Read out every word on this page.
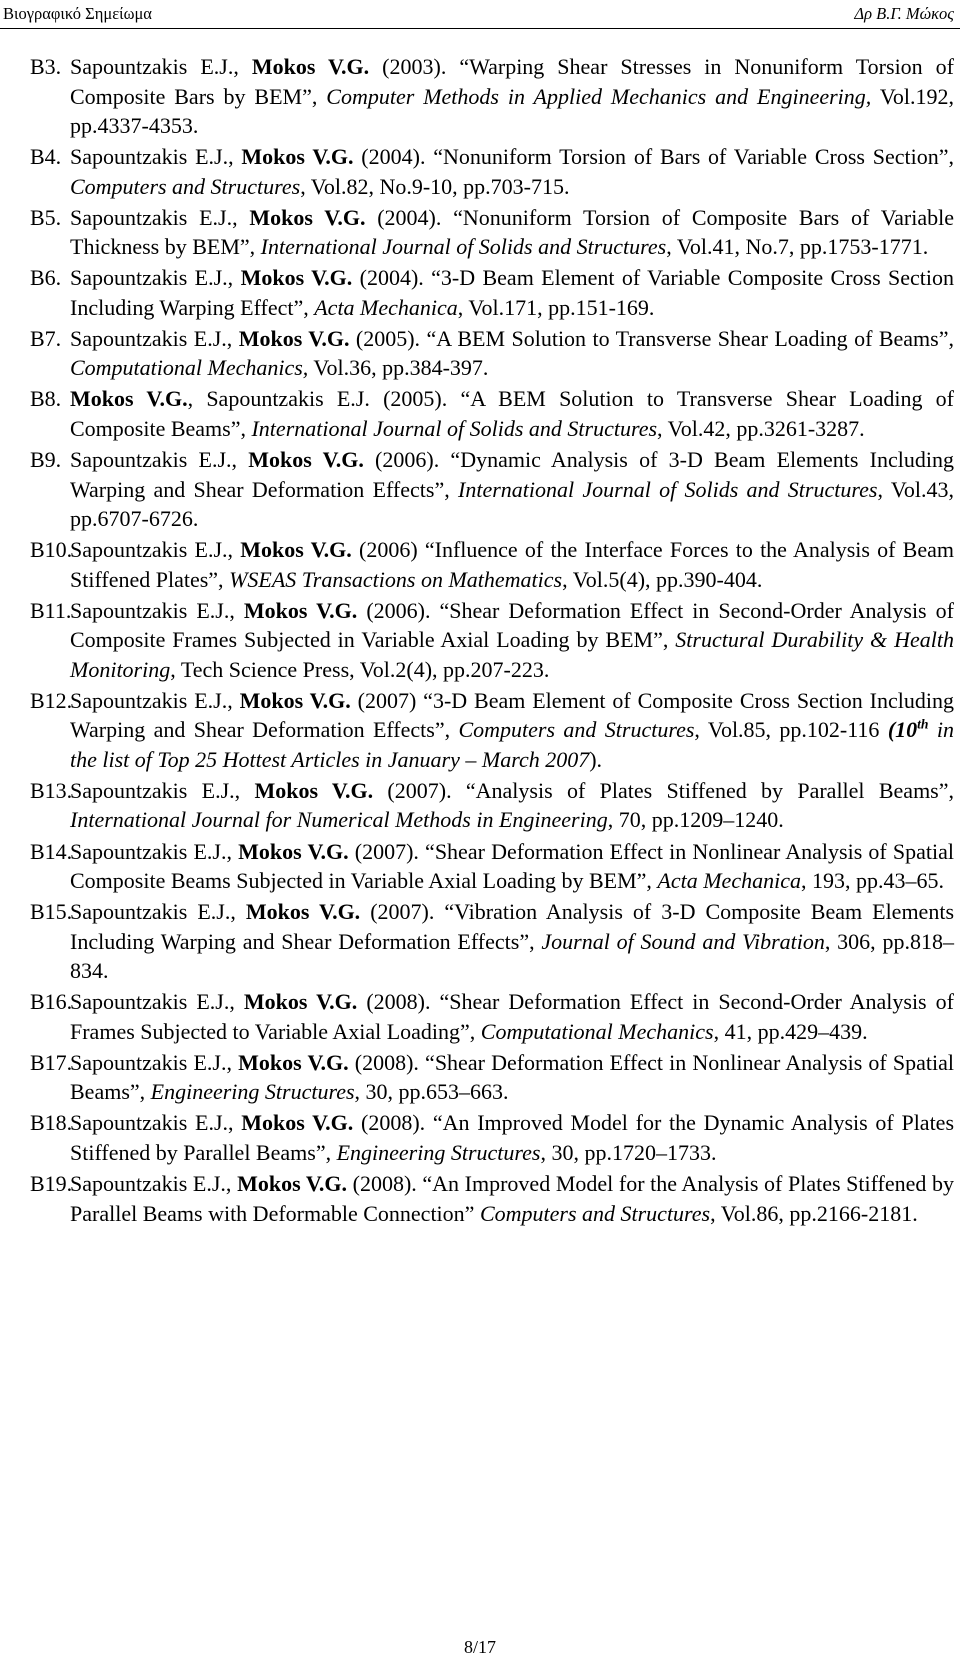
Βιογραφικό Σημείωμα	Δρ Β.Γ. Μώκος
B3. Sapountzakis E.J., Mokos V.G. (2003). “Warping Shear Stresses in Nonuniform Torsion of Composite Bars by BEM”, Computer Methods in Applied Mechanics and Engineering, Vol.192, pp.4337-4353.
B4. Sapountzakis E.J., Mokos V.G. (2004). “Nonuniform Torsion of Bars of Variable Cross Section”, Computers and Structures, Vol.82, No.9-10, pp.703-715.
B5. Sapountzakis E.J., Mokos V.G. (2004). “Nonuniform Torsion of Composite Bars of Variable Thickness by BEM”, International Journal of Solids and Structures, Vol.41, No.7, pp.1753-1771.
B6. Sapountzakis E.J., Mokos V.G. (2004). “3-D Beam Element of Variable Composite Cross Section Including Warping Effect”, Acta Mechanica, Vol.171, pp.151-169.
B7. Sapountzakis E.J., Mokos V.G. (2005). “A BEM Solution to Transverse Shear Loading of Beams”, Computational Mechanics, Vol.36, pp.384-397.
B8. Mokos V.G., Sapountzakis E.J. (2005). “A BEM Solution to Transverse Shear Loading of Composite Beams”, International Journal of Solids and Structures, Vol.42, pp.3261-3287.
B9. Sapountzakis E.J., Mokos V.G. (2006). “Dynamic Analysis of 3-D Beam Elements Including Warping and Shear Deformation Effects”, International Journal of Solids and Structures, Vol.43, pp.6707-6726.
B10.
Sapountzakis E.J., Mokos V.G. (2006) “Influence of the Interface Forces to the Analysis of Beam Stiffened Plates”, WSEAS Transactions on Mathematics, Vol.5(4), pp.390-404.
B11.
Sapountzakis E.J., Mokos V.G. (2006). “Shear Deformation Effect in Second-Order Analysis of Composite Frames Subjected in Variable Axial Loading by BEM”, Structural Durability & Health Monitoring, Tech Science Press, Vol.2(4), pp.207-223.
B12.
Sapountzakis E.J., Mokos V.G. (2007) “3-D Beam Element of Composite Cross Section Including Warping and Shear Deformation Effects”, Computers and Structures, Vol.85, pp.102-116 (10th in the list of Top 25 Hottest Articles in January – March 2007).
B13.
Sapountzakis E.J., Mokos V.G. (2007). “Analysis of Plates Stiffened by Parallel Beams”, International Journal for Numerical Methods in Engineering, 70, pp.1209–1240.
B14.
Sapountzakis E.J., Mokos V.G. (2007). “Shear Deformation Effect in Nonlinear Analysis of Spatial Composite Beams Subjected in Variable Axial Loading by BEM”, Acta Mechanica, 193, pp.43–65.
B15.
Sapountzakis E.J., Mokos V.G. (2007). “Vibration Analysis of 3-D Composite Beam Elements Including Warping and Shear Deformation Effects”, Journal of Sound and Vibration, 306, pp.818–834.
B16.
Sapountzakis E.J., Mokos V.G. (2008). “Shear Deformation Effect in Second-Order Analysis of Frames Subjected to Variable Axial Loading”, Computational Mechanics, 41, pp.429–439.
B17.
Sapountzakis E.J., Mokos V.G. (2008). “Shear Deformation Effect in Nonlinear Analysis of Spatial Beams”, Engineering Structures, 30, pp.653–663.
B18.
Sapountzakis E.J., Mokos V.G. (2008). “An Improved Model for the Dynamic Analysis of Plates Stiffened by Parallel Beams”, Engineering Structures, 30, pp.1720–1733.
B19.
Sapountzakis E.J., Mokos V.G. (2008). “An Improved Model for the Analysis of Plates Stiffened by Parallel Beams with Deformable Connection” Computers and Structures, Vol.86, pp.2166-2181.
8/17
